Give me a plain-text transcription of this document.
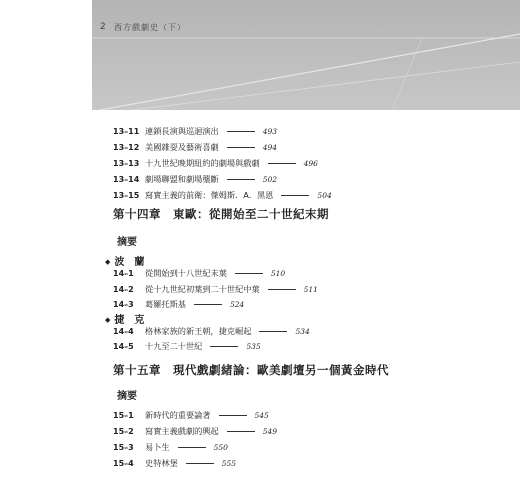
2 西方戲劇史（下）
13–11 連鎖長演與巡迴演出	493
13–12 美國雜耍及藝術喜劇	494
13–13 十九世紀晚期紐約的劇場與戲劇	496
13–14 劇場聯盟和劇場壟斷	502
13–15 寫實主義的前衛：傑姆斯．A．黑恩	504
第十四章　東歐：從開始至二十世紀末期
摘要
◆ 波　蘭
14–1	從開始到十八世紀末葉	510
14–2	從十九世紀初葉到二十世紀中葉	511
14–3	葛羅托斯基	524
◆ 捷　克
14–4	格林家族的新王朝，捷克崛起	534
14–5	十九至二十世紀	535
第十五章　現代戲劇緒論：歐美劇壇另一個黃金時代
摘要
15–1	新時代的重要論著	545
15–2	寫實主義戲劇的興起	549
15–3	易卜生	550
15–4	史特林堡	555
